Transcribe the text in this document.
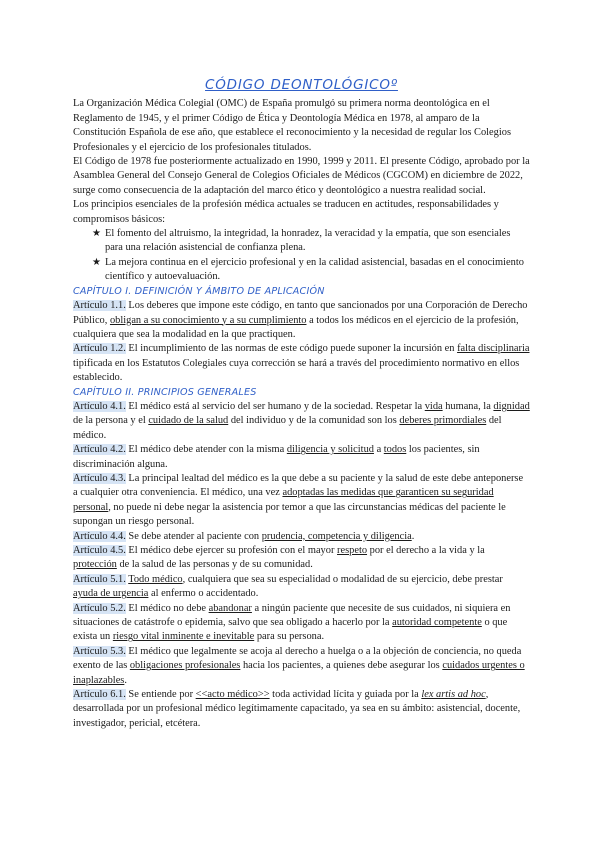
CÓDIGO DEONTOLÓGICOº

La Organización Médica Colegial (OMC) de España promulgó su primera norma deontológica en el Reglamento de 1945, y el primer Código de Ética y Deontología Médica en 1978, al amparo de la Constitución Española de ese año, que establece el reconocimiento y la necesidad de regular los Colegios Profesionales y el ejercicio de los profesionales titulados.

El Código de 1978 fue posteriormente actualizado en 1990, 1999 y 2011. El presente Código, aprobado por la Asamblea General del Consejo General de Colegios Oficiales de Médicos (CGCOM) en diciembre de 2022, surge como consecuencia de la adaptación del marco ético y deontológico a nuestra realidad social.

Los principios esenciales de la profesión médica actuales se traducen en actitudes, responsabilidades y compromisos básicos:

★ El fomento del altruismo, la integridad, la honradez, la veracidad y la empatía, que son esenciales para una relación asistencial de confianza plena.
★ La mejora continua en el ejercicio profesional y en la calidad asistencial, basadas en el conocimiento científico y autoevaluación.
CAPÍTULO I. DEFINICIÓN Y ÁMBITO DE APLICACIÓN

Artículo 1.1. Los deberes que impone este código, en tanto que sancionados por una Corporación de Derecho Público, obligan a su conocimiento y a su cumplimiento a todos los médicos en el ejercicio de la profesión, cualquiera que sea la modalidad en la que practiquen.

Artículo 1.2. El incumplimiento de las normas de este código puede suponer la incursión en falta disciplinaria tipificada en los Estatutos Colegiales cuya corrección se hará a través del procedimiento normativo en ellos establecido.

CAPÍTULO II. PRINCIPIOS GENERALES

Artículo 4.1. El médico está al servicio del ser humano y de la sociedad. Respetar la vida humana, la dignidad de la persona y el cuidado de la salud del individuo y de la comunidad son los deberes primordiales del médico.

Artículo 4.2. El médico debe atender con la misma diligencia y solicitud a todos los pacientes, sin discriminación alguna.

Artículo 4.3. La principal lealtad del médico es la que debe a su paciente y la salud de este debe anteponerse a cualquier otra conveniencia. El médico, una vez adoptadas las medidas que garanticen su seguridad personal, no puede ni debe negar la asistencia por temor a que las circunstancias médicas del paciente le supongan un riesgo personal.

Artículo 4.4. Se debe atender al paciente con prudencia, competencia y diligencia.

Artículo 4.5. El médico debe ejercer su profesión con el mayor respeto por el derecho a la vida y la protección de la salud de las personas y de su comunidad.

Artículo 5.1. Todo médico, cualquiera que sea su especialidad o modalidad de su ejercicio, debe prestar ayuda de urgencia al enfermo o accidentado.

Artículo 5.2. El médico no debe abandonar a ningún paciente que necesite de sus cuidados, ni siquiera en situaciones de catástrofe o epidemia, salvo que sea obligado a hacerlo por la autoridad competente o que exista un riesgo vital inminente e inevitable para su persona.

Artículo 5.3. El médico que legalmente se acoja al derecho a huelga o a la objeción de conciencia, no queda exento de las obligaciones profesionales hacia los pacientes, a quienes debe asegurar los cuidados urgentes o inaplazables.

Artículo 6.1. Se entiende por <<acto médico>> toda actividad lícita y guiada por la lex artis ad hoc, desarrollada por un profesional médico legítimamente capacitado, ya sea en su ámbito: asistencial, docente, investigador, pericial, etcétera.
